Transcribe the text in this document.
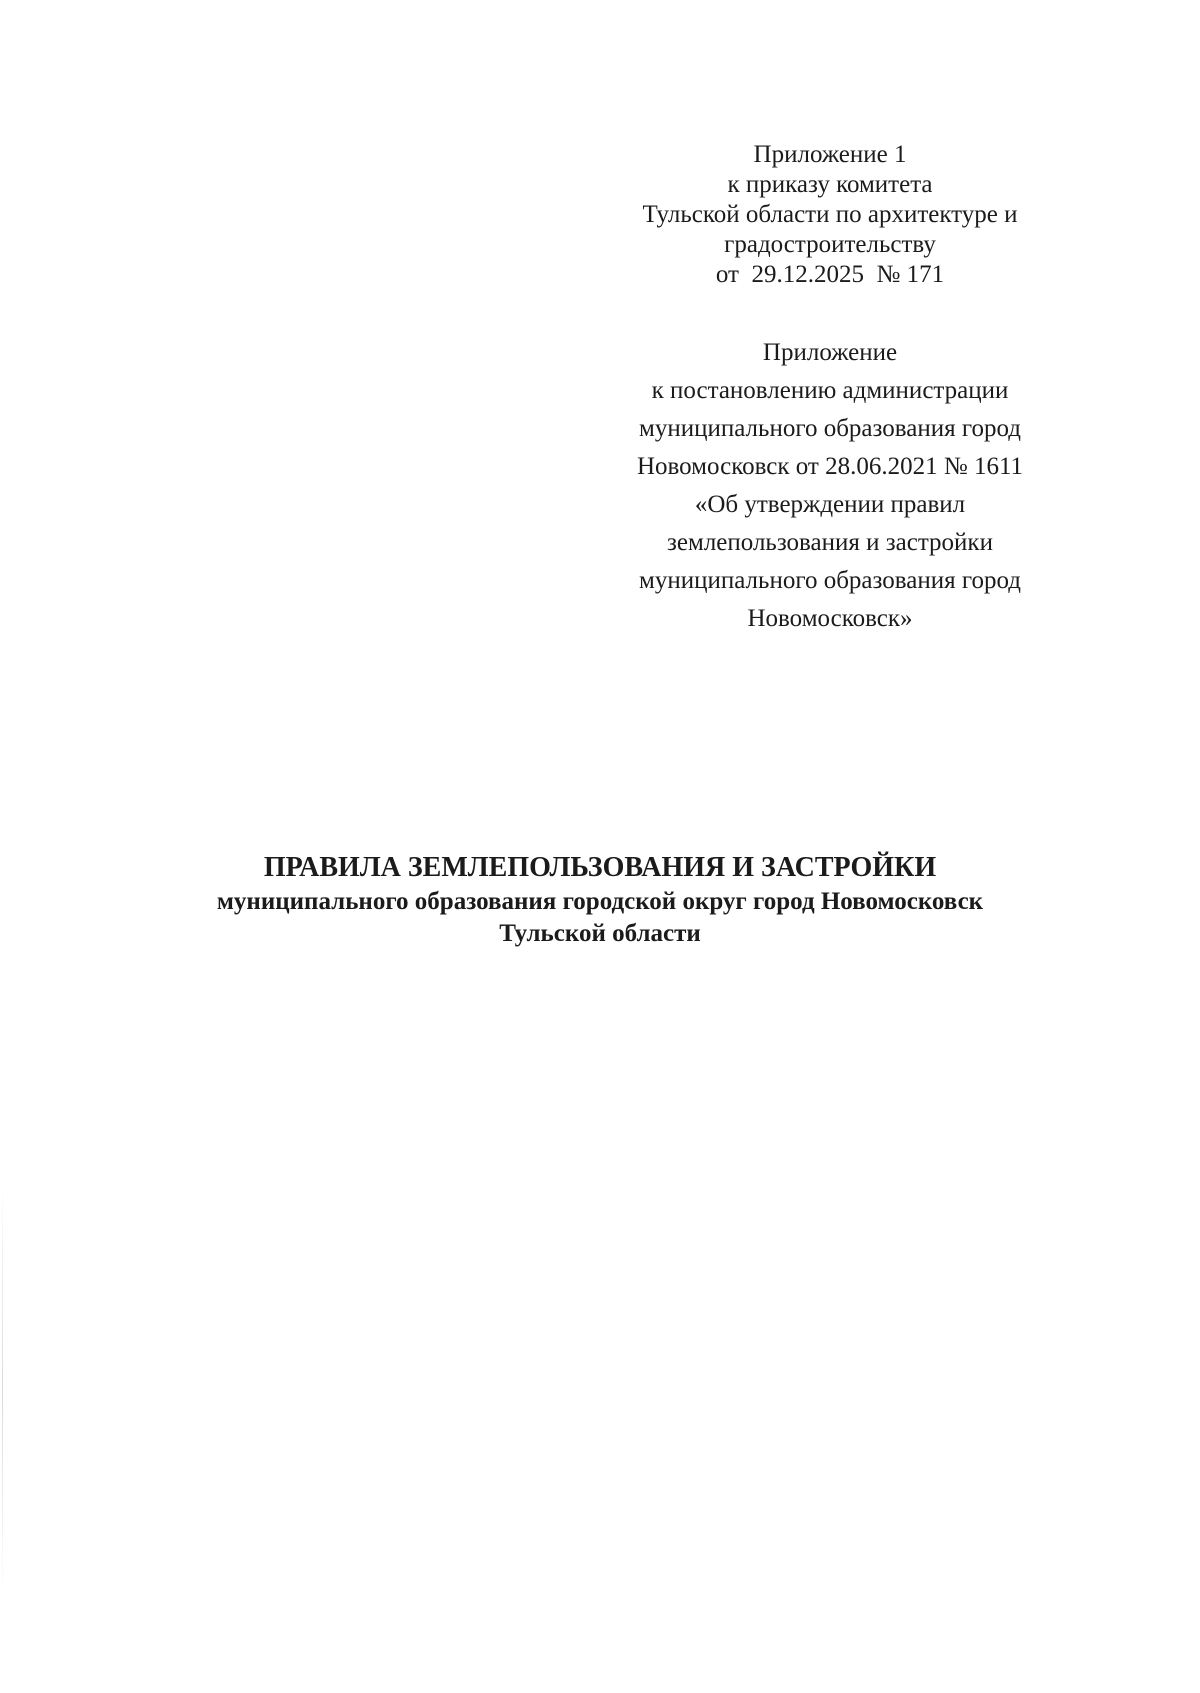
Приложение 1
к приказу комитета
Тульской области по архитектуре и
градостроительству
от  29.12.2025  № 171
Приложение
к постановлению администрации
муниципального образования город
Новомосковск от 28.06.2021 № 1611
«Об утверждении правил
землепользования и застройки
муниципального образования город
Новомосковск»
ПРАВИЛА ЗЕМЛЕПОЛЬЗОВАНИЯ И ЗАСТРОЙКИ
муниципального образования городской округ город Новомосковск
Тульской области
